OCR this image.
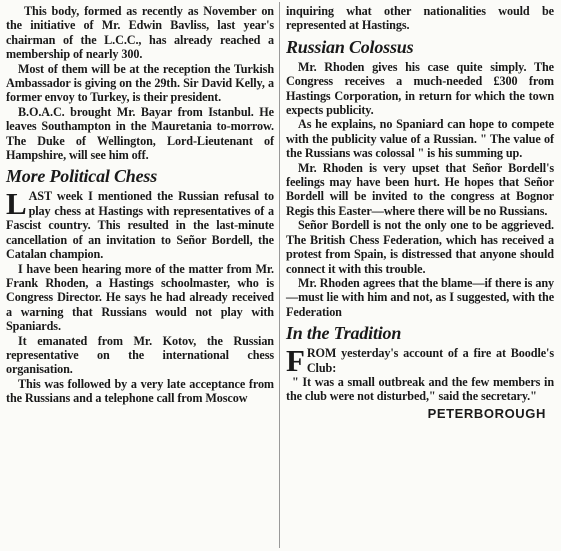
This body, formed as recently as November on the initiative of Mr. Edwin Bavliss, last year's chairman of the L.C.C., has already reached a membership of nearly 300.

Most of them will be at the reception the Turkish Ambassador is giving on the 29th. Sir David Kelly, a former envoy to Turkey, is their president.

B.O.A.C. brought Mr. Bayar from Istanbul. He leaves Southampton in the Mauretania to-morrow. The Duke of Wellington, Lord-Lieutenant of Hampshire, will see him off.

More Political Chess

LAST week I mentioned the Russian refusal to play chess at Hastings with representatives of a Fascist country. This resulted in the last-minute cancellation of an invitation to Señor Bordell, the Catalan champion.

I have been hearing more of the matter from Mr. Frank Rhoden, a Hastings schoolmaster, who is Congress Director. He says he had already received a warning that Russians would not play with Spaniards.

It emanated from Mr. Kotov, the Russian representative on the international chess organisation.

This was followed by a very late acceptance from the Russians and a telephone call from Moscow

inquiring what other nationalities would be represented at Hastings.

Russian Colossus

Mr. Rhoden gives his case quite simply. The Congress receives a much-needed £300 from Hastings Corporation, in return for which the town expects publicity.

As he explains, no Spaniard can hope to compete with the publicity value of a Russian. " The value of the Russians was colossal " is his summing up.

Mr. Rhoden is very upset that Señor Bordell's feelings may have been hurt. He hopes that Señor Bordell will be invited to the congress at Bognor Regis this Easter—where there will be no Russians.

Señor Bordell is not the only one to be aggrieved. The British Chess Federation, which has received a protest from Spain, is distressed that anyone should connect it with this trouble.

Mr. Rhoden agrees that the blame—if there is any—must lie with him and not, as I suggested, with the Federation

In the Tradition

FROM yesterday's account of a fire at Boodle's Club:

" It was a small outbreak and the few members in the club were not disturbed," said the secretary."

PETERBOROUGH
